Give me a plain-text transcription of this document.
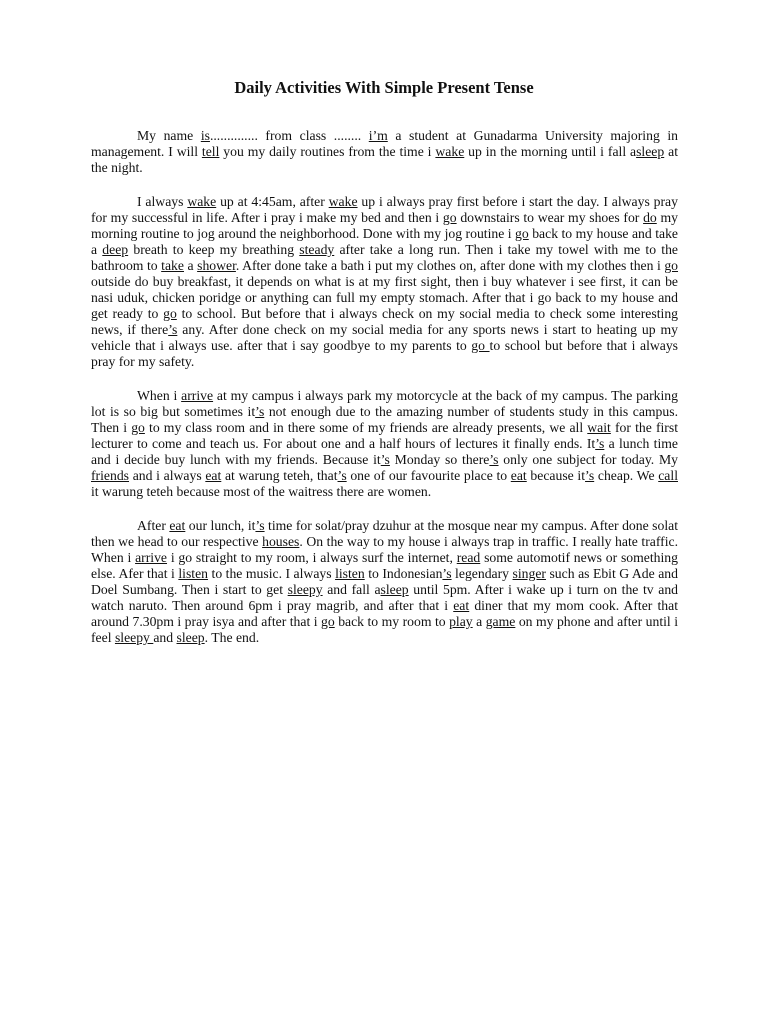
Daily Activities With Simple Present Tense

My name is.............. from class ........ i’m a student at Gunadarma University majoring in management. I will tell you my daily routines from the time i wake up in the morning until i fall asleep at the night.

I always wake up at 4:45am, after wake up i always pray first before i start the day. I always pray for my successful in life. After i pray i make my bed and then i go downstairs to wear my shoes for do my morning routine to jog around the neighborhood. Done with my jog routine i go back to my house and take a deep breath to keep my breathing steady after take a long run. Then i take my towel with me to the bathroom to take a shower. After done take a bath i put my clothes on, after done with my clothes then i go outside do buy breakfast, it depends on what is at my first sight, then i buy whatever i see first, it can be nasi uduk, chicken poridge or anything can full my empty stomach. After that i go back to my house and get ready to go to school. But before that i always check on my social media to check some interesting news, if there’s any. After done check on my social media for any sports news i start to heating up my vehicle that i always use. after that i say goodbye to my parents to go to school but before that i always pray for my safety.

When i arrive at my campus i always park my motorcycle at the back of my campus. The parking lot is so big but sometimes it’s not enough due to the amazing number of students study in this campus. Then i go to my class room and in there some of my friends are already presents, we all wait for the first lecturer to come and teach us. For about one and a half hours of lectures it finally ends. It’s a lunch time and i decide buy lunch with my friends. Because it’s Monday so there’s only one subject for today. My friends and i always eat at warung teteh, that’s one of our favourite place to eat because it’s cheap. We call it warung teteh because most of the waitress there are women.

After eat our lunch, it’s time for solat/pray dzuhur at the mosque near my campus. After done solat then we head to our respective houses. On the way to my house i always trap in traffic. I really hate traffic. When i arrive i go straight to my room, i always surf the internet, read some automotif news or something else. Afer that i listen to the music. I always listen to Indonesian’s legendary singer such as Ebit G Ade and Doel Sumbang. Then i start to get sleepy and fall asleep until 5pm. After i wake up i turn on the tv and watch naruto. Then around 6pm i pray magrib, and after that i eat diner that my mom cook. After that around 7.30pm i pray isya and after that i go back to my room to play a game on my phone and after until i feel sleepy and sleep. The end.
